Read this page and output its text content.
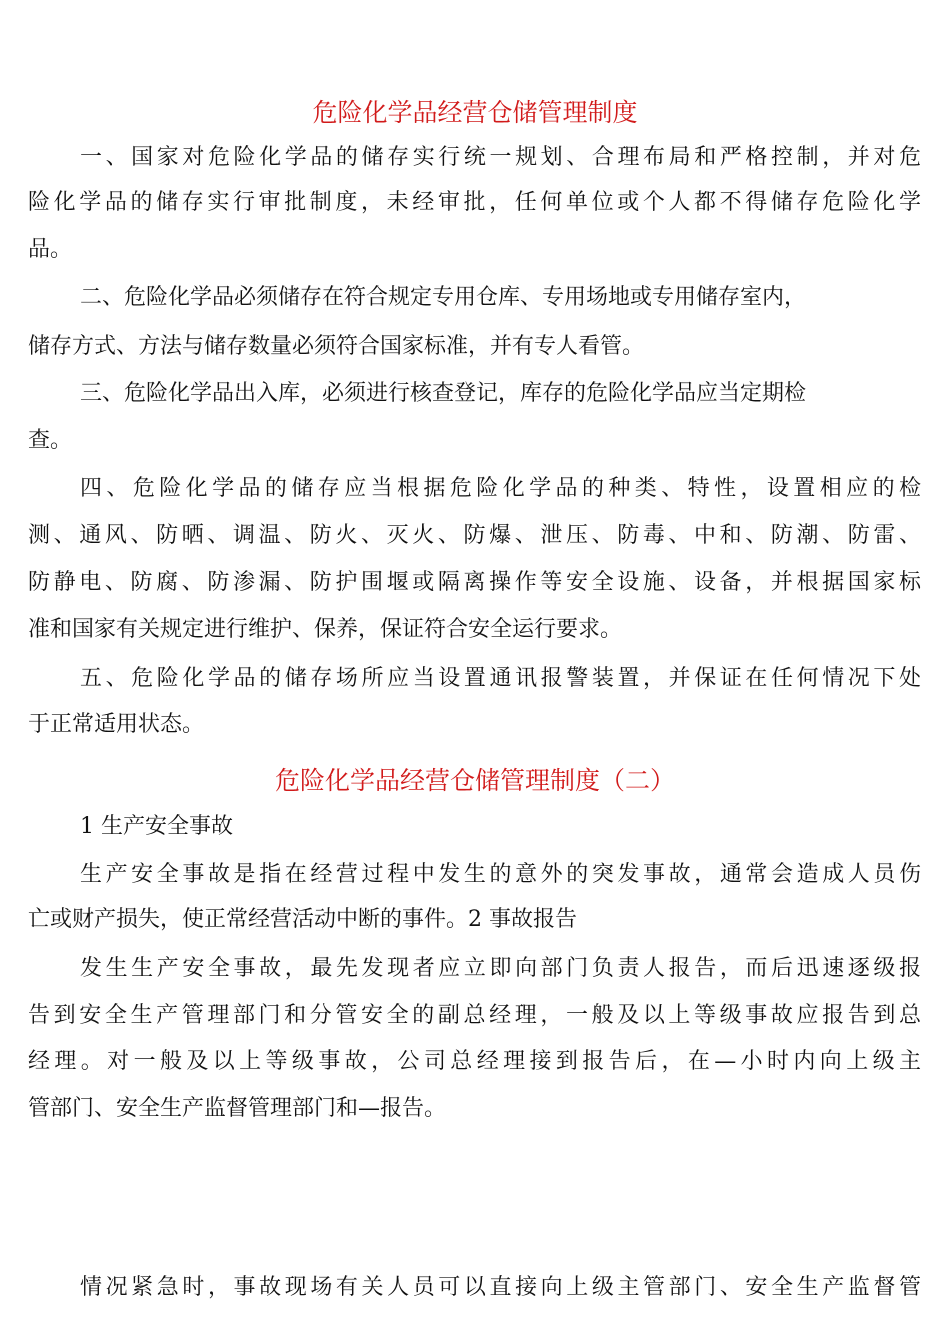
危险化学品经营仓储管理制度
一、国家对危险化学品的储存实行统一规划、合理布局和严格控制，并对危
险化学品的储存实行审批制度，未经审批，任何单位或个人都不得储存危险化学
品。
二、危险化学品必须储存在符合规定专用仓库、专用场地或专用储存室内，
储存方式、方法与储存数量必须符合国家标准，并有专人看管。
三、危险化学品出入库，必须进行核查登记，库存的危险化学品应当定期检
查。
四、危险化学品的储存应当根据危险化学品的种类、特性，设置相应的检
测、通风、防晒、调温、防火、灭火、防爆、泄压、防毒、中和、防潮、防雷、
防静电、防腐、防渗漏、防护围堰或隔离操作等安全设施、设备，并根据国家标
准和国家有关规定进行维护、保养，保证符合安全运行要求。
五、危险化学品的储存场所应当设置通讯报警装置，并保证在任何情况下处
于正常适用状态。
危险化学品经营仓储管理制度（二）
1 生产安全事故
生产安全事故是指在经营过程中发生的意外的突发事故，通常会造成人员伤
亡或财产损失，使正常经营活动中断的事件。2 事故报告
发生生产安全事故，最先发现者应立即向部门负责人报告，而后迅速逐级报
告到安全生产管理部门和分管安全的副总经理，一般及以上等级事故应报告到总
经理。对一般及以上等级事故，公司总经理接到报告后，在—小时内向上级主
管部门、安全生产监督管理部门和—报告。
情况紧急时，事故现场有关人员可以直接向上级主管部门、安全生产监督管
